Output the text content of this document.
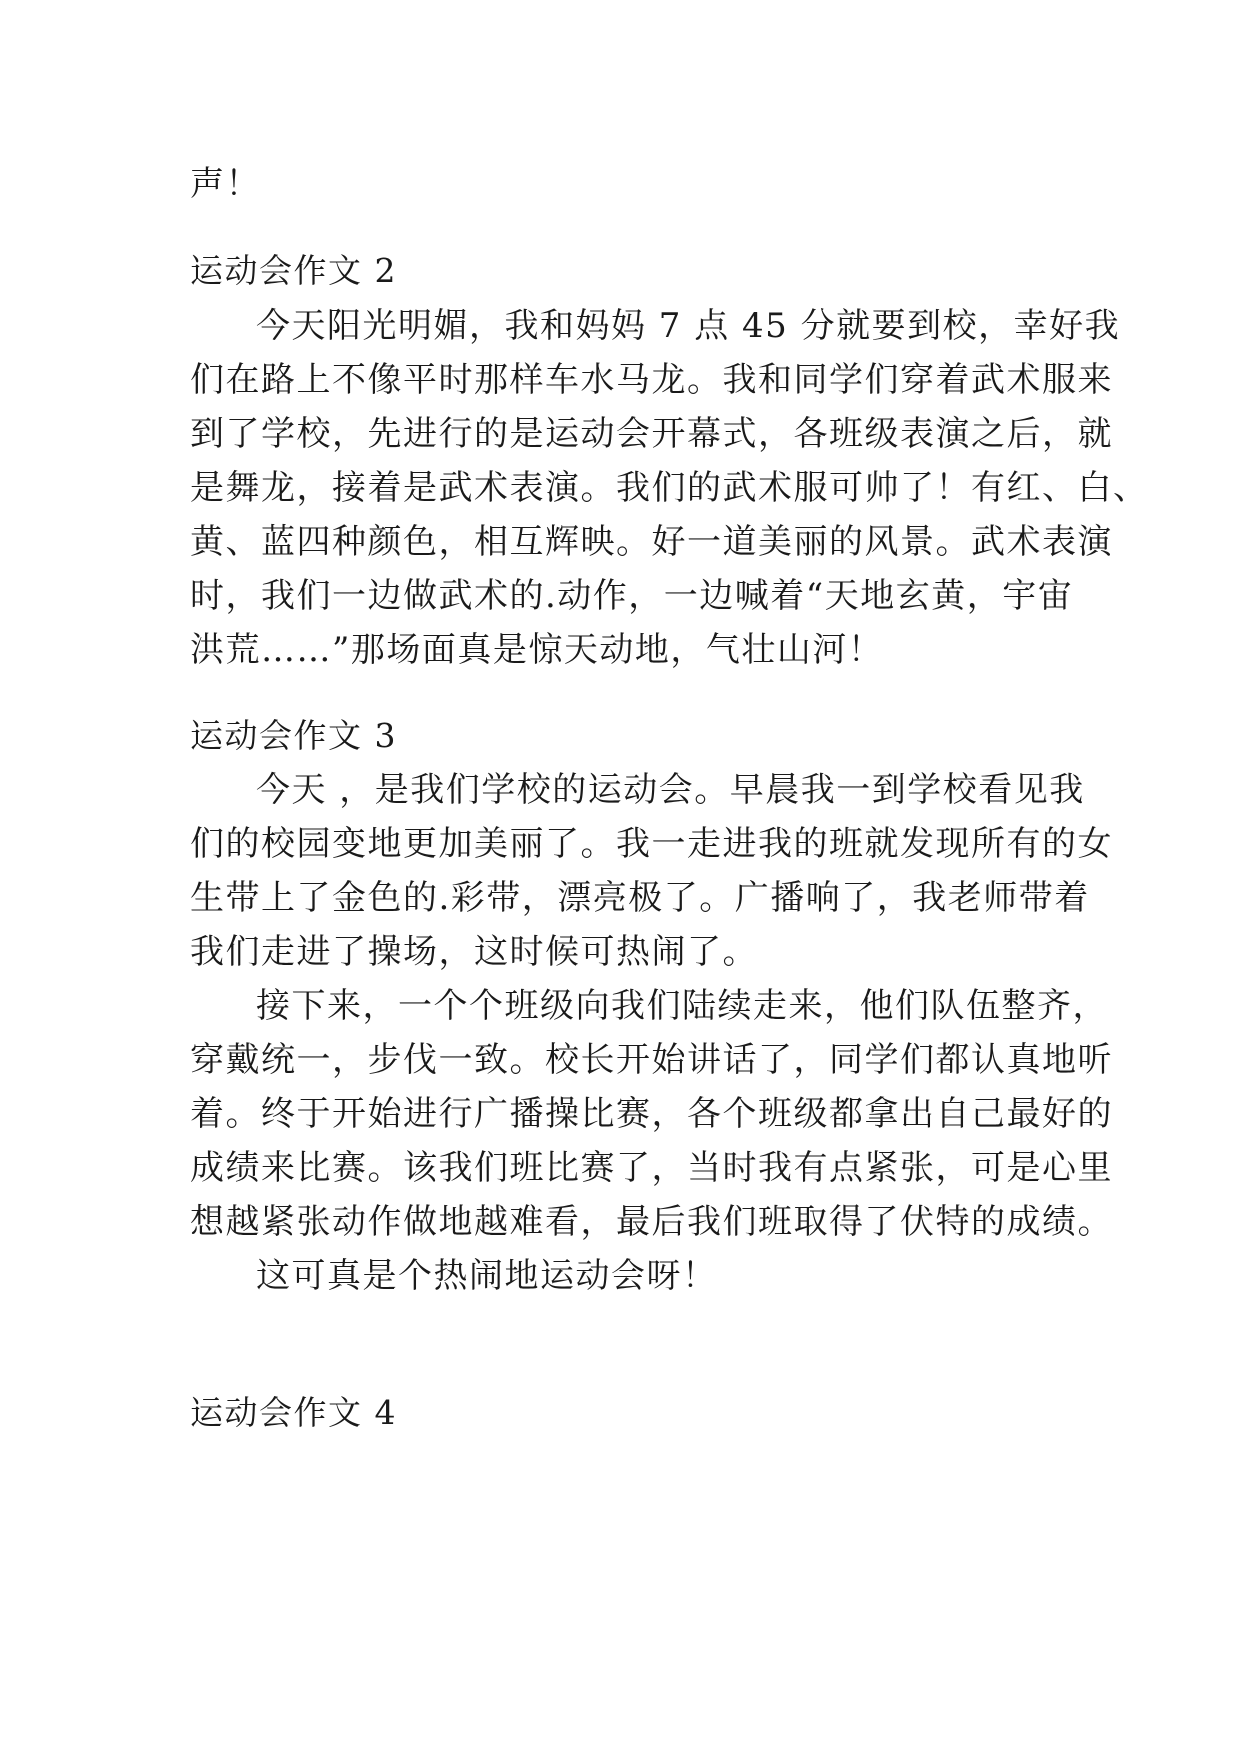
声！
运动会作文 2
今天阳光明媚，我和妈妈 7 点 45 分就要到校，幸好我
们在路上不像平时那样车水马龙。我和同学们穿着武术服来
到了学校，先进行的是运动会开幕式，各班级表演之后，就
是舞龙，接着是武术表演。我们的武术服可帅了！有红、白、
黄、蓝四种颜色，相互辉映。好一道美丽的风景。武术表演
时，我们一边做武术的.动作，一边喊着“天地玄黄，宇宙
洪荒……”那场面真是惊天动地，气壮山河！
运动会作文 3
今天 ，是我们学校的运动会。早晨我一到学校看见我
们的校园变地更加美丽了。我一走进我的班就发现所有的女
生带上了金色的.彩带，漂亮极了。广播响了，我老师带着
我们走进了操场，这时候可热闹了。
接下来，一个个班级向我们陆续走来，他们队伍整齐，
穿戴统一，步伐一致。校长开始讲话了，同学们都认真地听
着。终于开始进行广播操比赛，各个班级都拿出自己最好的
成绩来比赛。该我们班比赛了，当时我有点紧张，可是心里
想越紧张动作做地越难看，最后我们班取得了伏特的成绩。
这可真是个热闹地运动会呀！
运动会作文 4
